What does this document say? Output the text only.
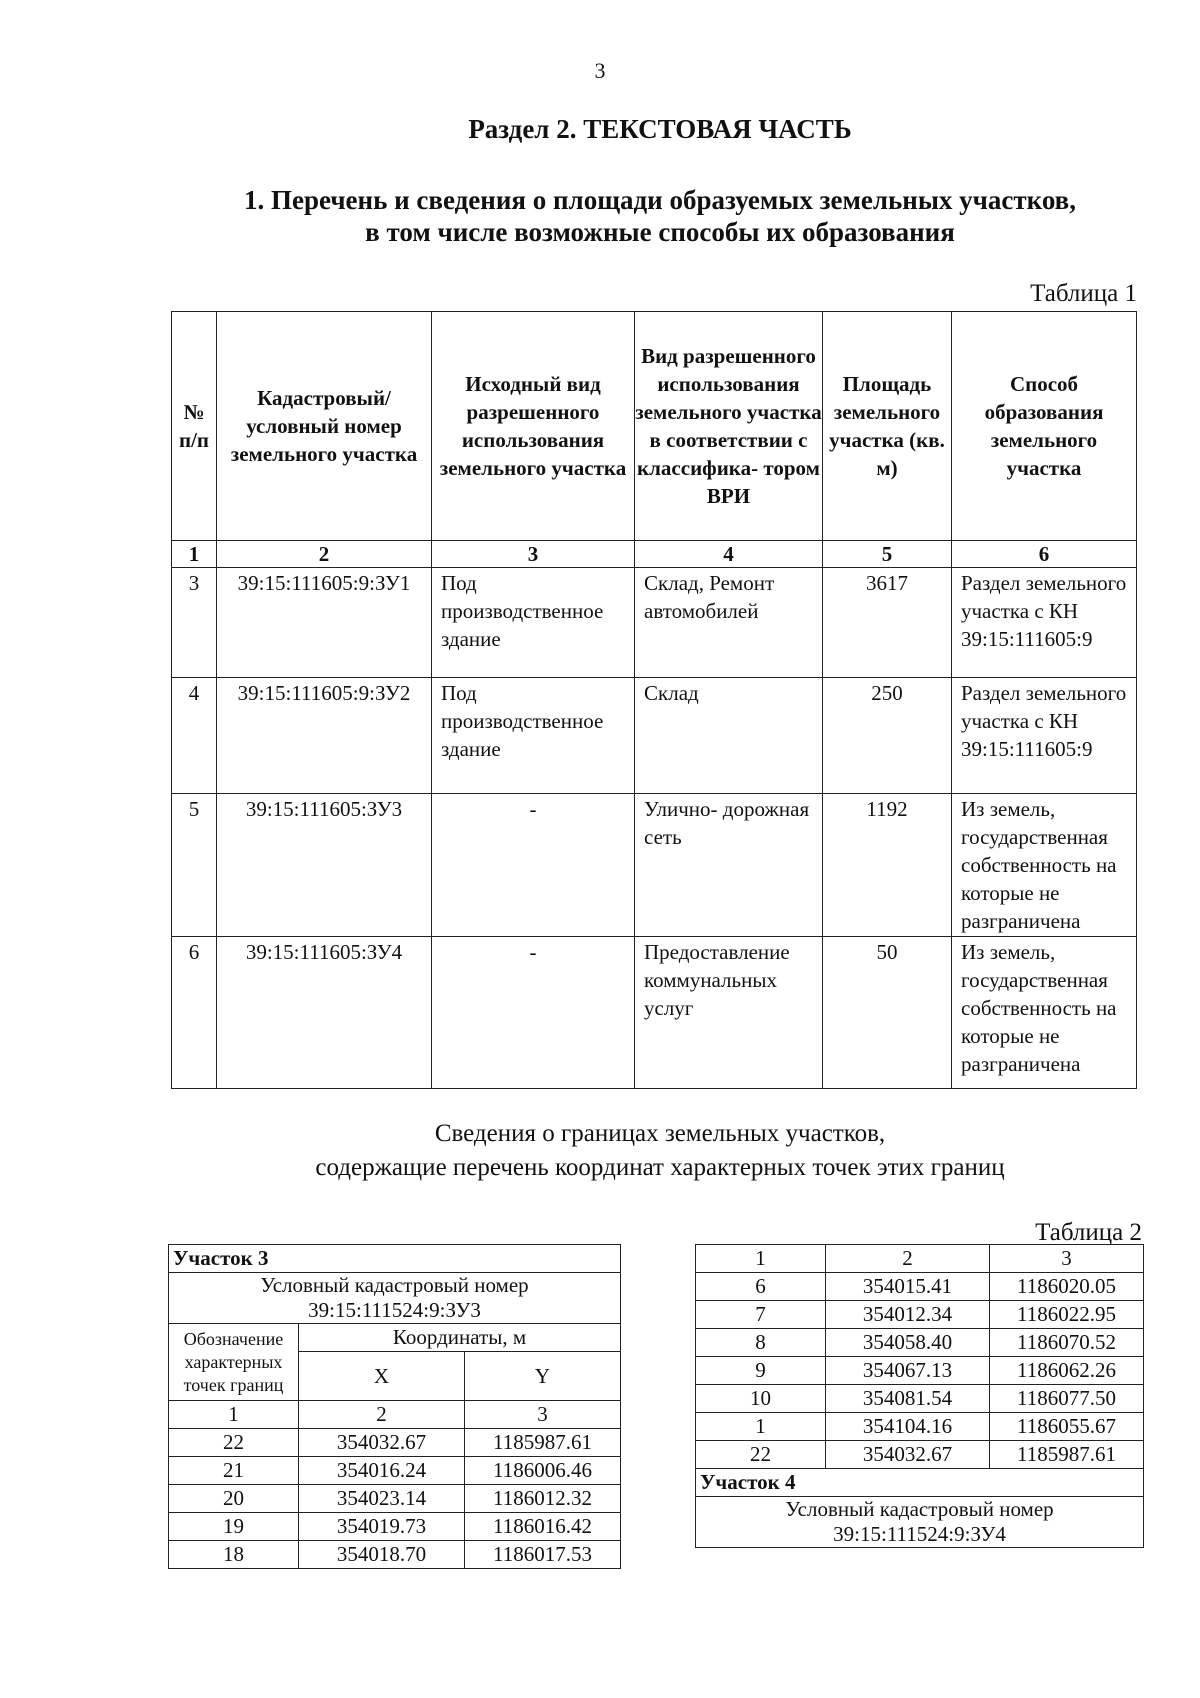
3
Раздел 2. ТЕКСТОВАЯ ЧАСТЬ
1. Перечень и сведения о площади образуемых земельных участков,
в том числе возможные способы их образования
Таблица 1
№ п/п	Кадастровый/ условный номер земельного участка	Исходный вид разрешенного использования земельного участка	Вид разрешенного использования земельного участка в соответствии с классифика- тором ВРИ	Площадь земельного участка (кв. м)	Способ образования земельного участка
1	2	3	4	5	6
3	39:15:111605:9:ЗУ1	Под производственное здание	Склад, Ремонт автомобилей	3617	Раздел земельного участка с КН 39:15:111605:9
4	39:15:111605:9:ЗУ2	Под производственное здание	Склад	250	Раздел земельного участка с КН 39:15:111605:9
5	39:15:111605:ЗУ3	-	Улично- дорожная сеть	1192	Из земель, государственная собственность на которые не разграничена
6	39:15:111605:ЗУ4	-	Предоставление коммунальных услуг	50	Из земель, государственная собственность на которые не разграничена
Сведения о границах земельных участков,
содержащие перечень координат характерных точек этих границ
Таблица 2
Участок 3		

Условный кадастровый номер
39:15:111524:9:ЗУ3		

Обозначение характерных точек границ	Координаты, м	
	X	Y
1	2	3
22	354032.67	1185987.61
21	354016.24	1186006.46
20	354023.14	1186012.32
19	354019.73	1186016.42
18	354018.70	1186017.53
1	2	3
6	354015.41	1186020.05
7	354012.34	1186022.95
8	354058.40	1186070.52
9	354067.13	1186062.26
10	354081.54	1186077.50
1	354104.16	1186055.67
22	354032.67	1185987.61
Участок 4		

Условный кадастровый номер
39:15:111524:9:ЗУ4		
